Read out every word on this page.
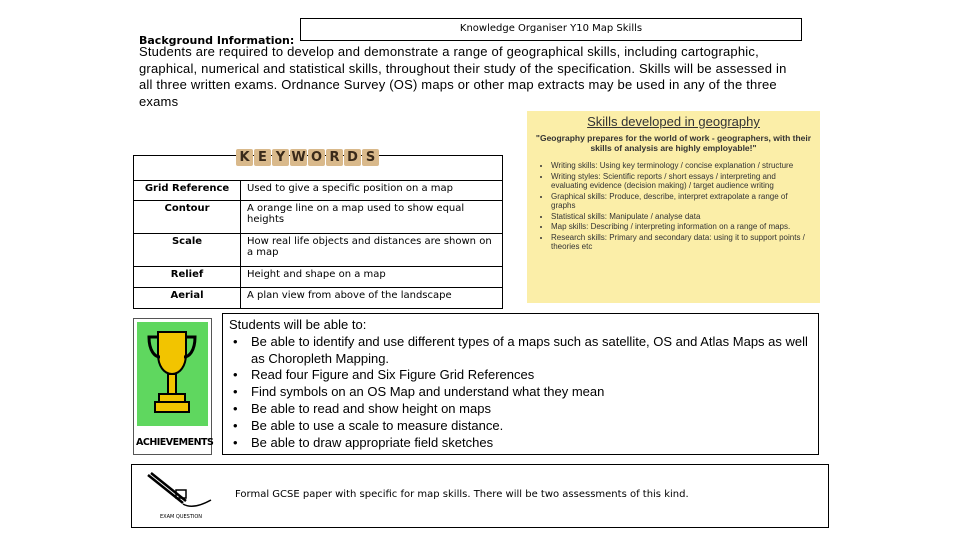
Background Information:
Knowledge Organiser Y10 Map Skills
Students are required to develop and demonstrate a range of geographical skills, including cartographic, graphical, numerical and statistical skills, throughout their study of the specification. Skills will be assessed in all three written exams. Ordnance Survey (OS) maps or other map extracts may be used in any of the three exams

Grid Reference	Used to give a specific position on a map
Contour	A orange line on a map used to show equal heights
Scale	How real life objects and distances are shown on a map
Relief	Height and shape on a map
Aerial	A plan view from above of the landscape
K E Y W O R D S
Skills developed in geography
"Geography prepares for the world of work - geographers, with their skills of analysis are highly employable!"
• Writing skills: Using key terminology / concise explanation / structure
• Writing styles: Scientific reports / short essays / interpreting and evaluating evidence (decision making) / target audience writing
• Graphical skills: Produce, describe, interpret extrapolate a range of graphs
• Statistical skills: Manipulate / analyse data
• Map skills: Describing / interpreting information on a range of maps.
• Research skills: Primary and secondary data: using it to support points / theories etc
ACHIEVEMENTS
Students will be able to:
• Be able to identify and use different types of a maps such as satellite, OS and Atlas Maps as well as Choropleth Mapping.
• Read four Figure and Six Figure Grid References
• Find symbols on an OS Map and understand what they mean
• Be able to read and show height on maps
• Be able to use a scale to measure distance.
• Be able to draw appropriate field sketches
EXAM QUESTION
Formal GCSE paper with specific for map skills. There will be two assessments of this kind.
